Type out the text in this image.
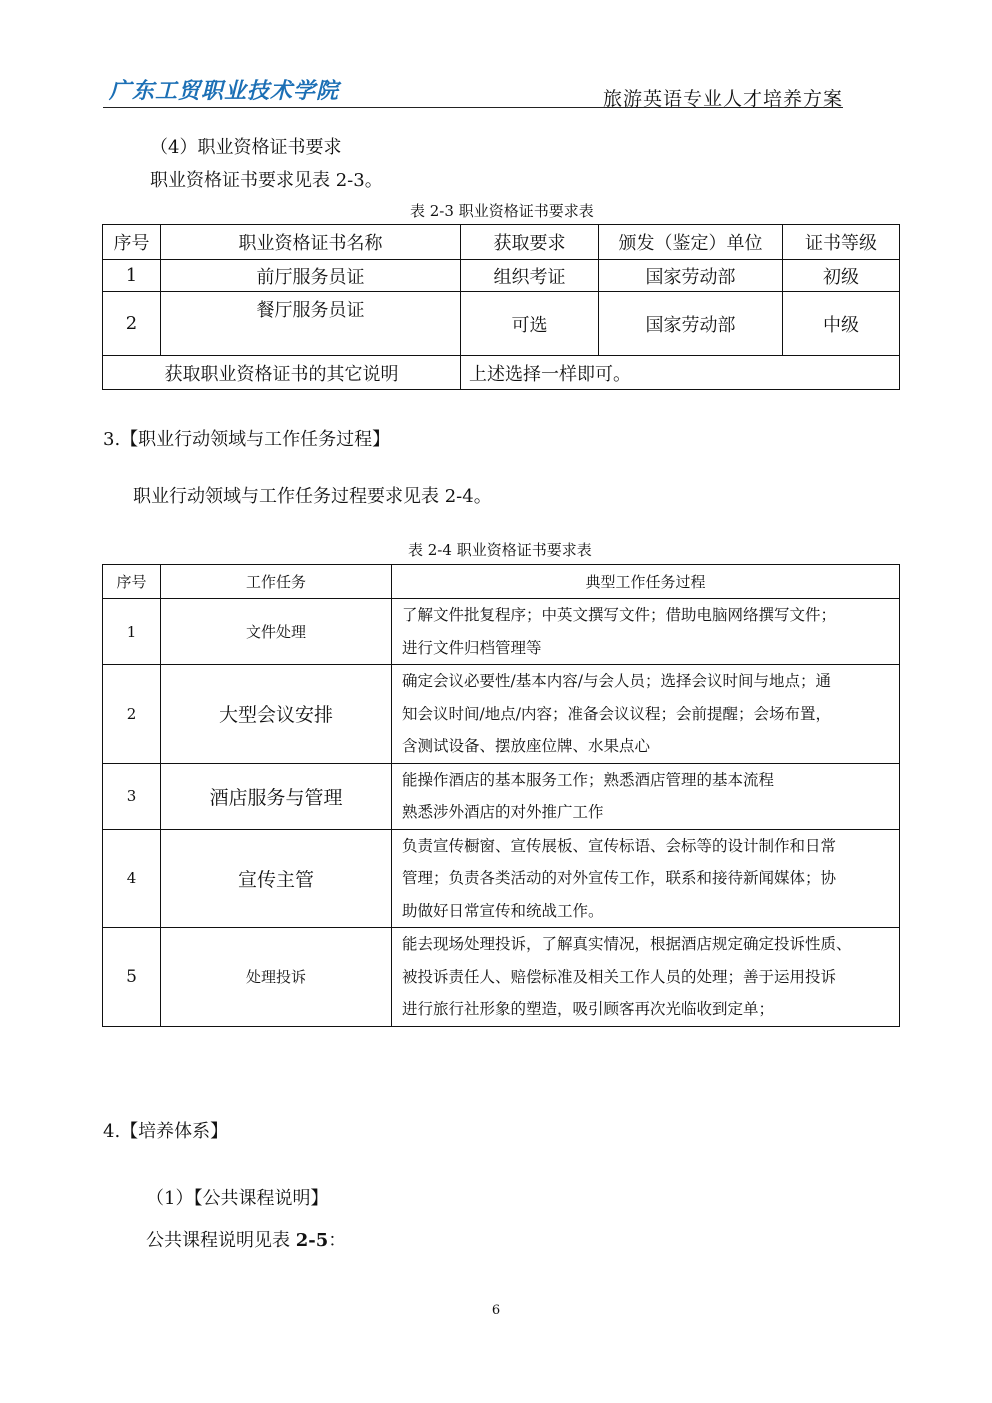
广东工贸职业技术学院	旅游英语专业人才培养方案
（4）职业资格证书要求
职业资格证书要求见表 2-3。
表 2-3 职业资格证书要求表
序号	职业资格证书名称	获取要求	颁发（鉴定）单位	证书等级
1	前厅服务员证	组织考证	国家劳动部	初级
2	餐厅服务员证	可选	国家劳动部	中级
获取职业资格证书的其它说明		上述选择一样即可。		
3.【职业行动领域与工作任务过程】
职业行动领域与工作任务过程要求见表 2-4。
表 2-4 职业资格证书要求表
序号	工作任务	典型工作任务过程
1	文件处理	了解文件批复程序；中英文撰写文件；借助电脑网络撰写文件；
进行文件归档管理等

2	大型会议安排	确定会议必要性/基本内容/与会人员；选择会议时间与地点；通
知会议时间/地点/内容；准备会议议程；会前提醒；会场布置，
含测试设备、摆放座位牌、水果点心

3	酒店服务与管理	能操作酒店的基本服务工作；熟悉酒店管理的基本流程
熟悉涉外酒店的对外推广工作

4	宣传主管	负责宣传橱窗、宣传展板、宣传标语、会标等的设计制作和日常
管理；负责各类活动的对外宣传工作，联系和接待新闻媒体；协
助做好日常宣传和统战工作。

5	处理投诉	能去现场处理投诉，了解真实情况，根据酒店规定确定投诉性质、
被投诉责任人、赔偿标准及相关工作人员的处理；善于运用投诉
进行旅行社形象的塑造，吸引顾客再次光临收到定单；
4.【培养体系】
（1）【公共课程说明】
公共课程说明见表 2-5：
6
